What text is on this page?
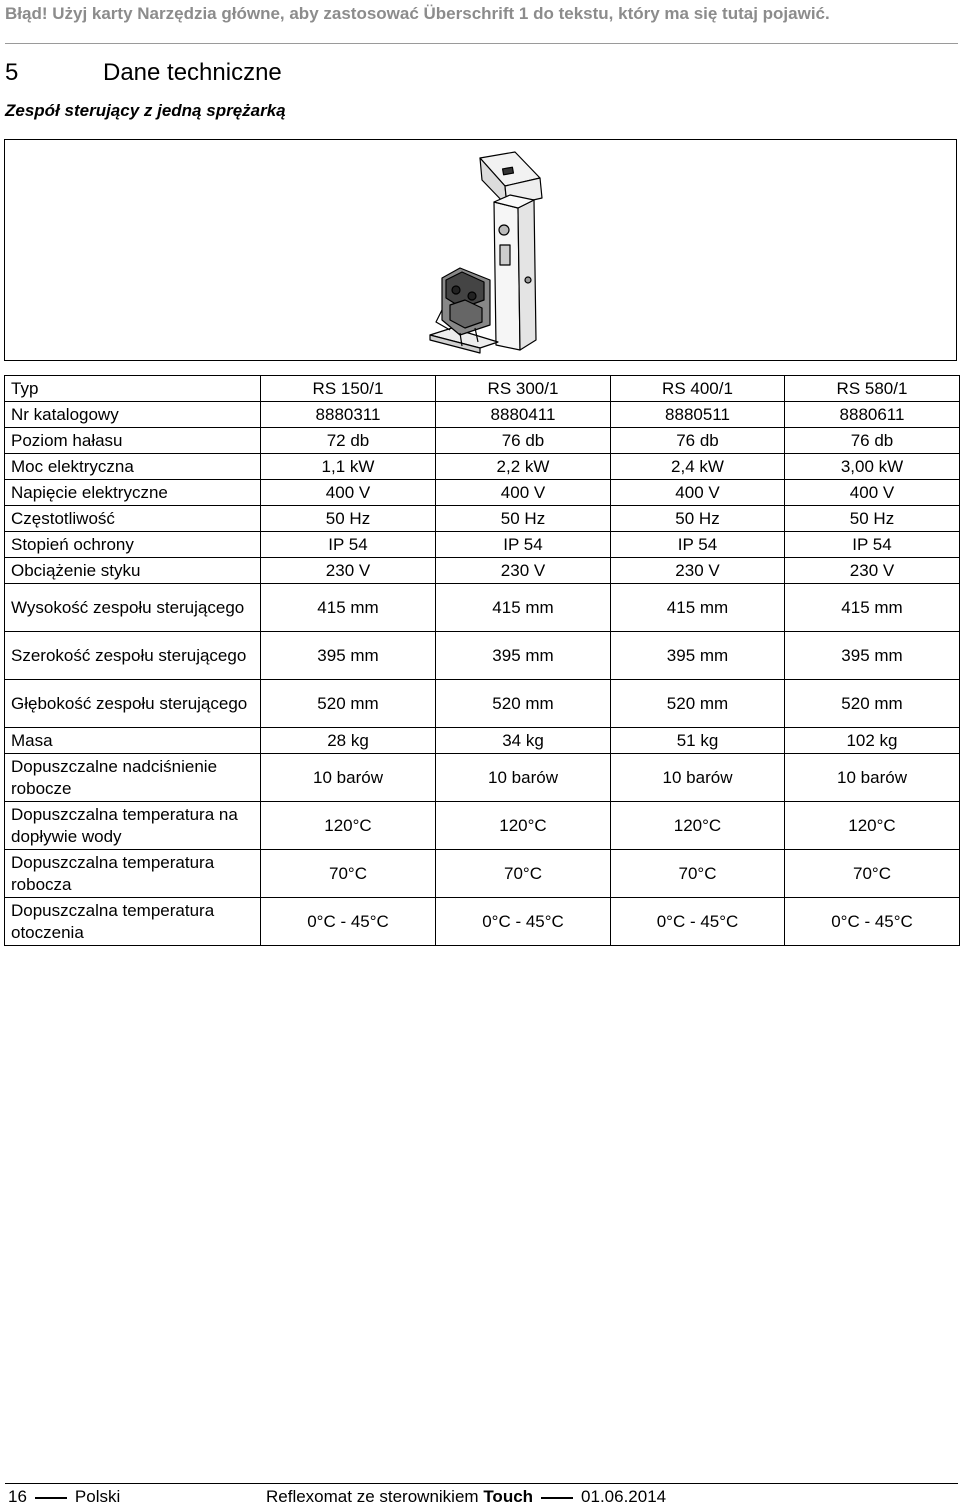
Błąd! Użyj karty Narzędzia główne, aby zastosować Überschrift 1 do tekstu, który ma się tutaj pojawić.
5	Dane techniczne
Zespół sterujący z jedną sprężarką
Typ	RS 150/1	RS 300/1	RS 400/1	RS 580/1
Nr katalogowy	8880311	8880411	8880511	8880611
Poziom hałasu	72 db	76 db	76 db	76 db
Moc elektryczna	1,1 kW	2,2 kW	2,4 kW	3,00 kW
Napięcie elektryczne	400 V	400 V	400 V	400 V
Częstotliwość	50 Hz	50 Hz	50 Hz	50 Hz
Stopień ochrony	IP 54	IP 54	IP 54	IP 54
Obciążenie styku	230 V	230 V	230 V	230 V
Wysokość zespołu sterującego	415 mm	415 mm	415 mm	415 mm
Szerokość zespołu sterującego	395 mm	395 mm	395 mm	395 mm
Głębokość zespołu sterującego	520 mm	520 mm	520 mm	520 mm
Masa	28 kg	34 kg	51 kg	102 kg
Dopuszczalne nadciśnienie robocze	10 barów	10 barów	10 barów	10 barów
Dopuszczalna temperatura na dopływie wody	120°C	120°C	120°C	120°C
Dopuszczalna temperatura robocza	70°C	70°C	70°C	70°C
Dopuszczalna temperatura otoczenia	0°C - 45°C	0°C - 45°C	0°C - 45°C	0°C - 45°C
16	Polski	Reflexomat ze sterownikiem Touch	01.06.2014
